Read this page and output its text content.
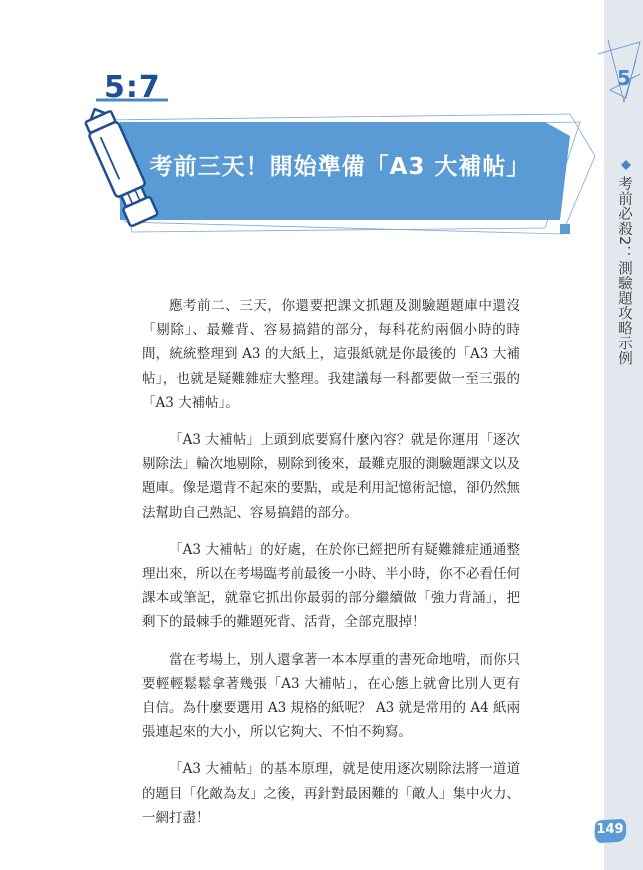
5
考前必殺2：測驗題攻略示例
5:7
考前三天！開始準備「A3 大補帖」

應考前二、三天，你還要把課文抓題及測驗題題庫中還沒「剔除」、最難背、容易搞錯的部分，每科花約兩個小時的時間，統統整理到 A3 的大紙上，這張紙就是你最後的「A3 大補帖」，也就是疑難雜症大整理。我建議每一科都要做一至三張的「A3 大補帖」。

「A3 大補帖」上頭到底要寫什麼內容？就是你運用「逐次剔除法」輪次地剔除，剔除到後來，最難克服的測驗題課文以及題庫。像是還背不起來的要點，或是利用記憶術記憶，卻仍然無法幫助自己熟記、容易搞錯的部分。

「A3 大補帖」的好處，在於你已經把所有疑難雜症通通整理出來，所以在考場臨考前最後一小時、半小時，你不必看任何課本或筆記，就靠它抓出你最弱的部分繼續做「強力背誦」，把剩下的最棘手的難題死背、活背，全部克服掉！

當在考場上，別人還拿著一本本厚重的書死命地啃，而你只要輕輕鬆鬆拿著幾張「A3 大補帖」，在心態上就會比別人更有自信。為什麼要選用 A3 規格的紙呢？ A3 就是常用的 A4 紙兩張連起來的大小，所以它夠大、不怕不夠寫。

「A3 大補帖」的基本原理，就是使用逐次剔除法將一道道的題目「化敵為友」之後，再針對最困難的「敵人」集中火力、一網打盡！

149
